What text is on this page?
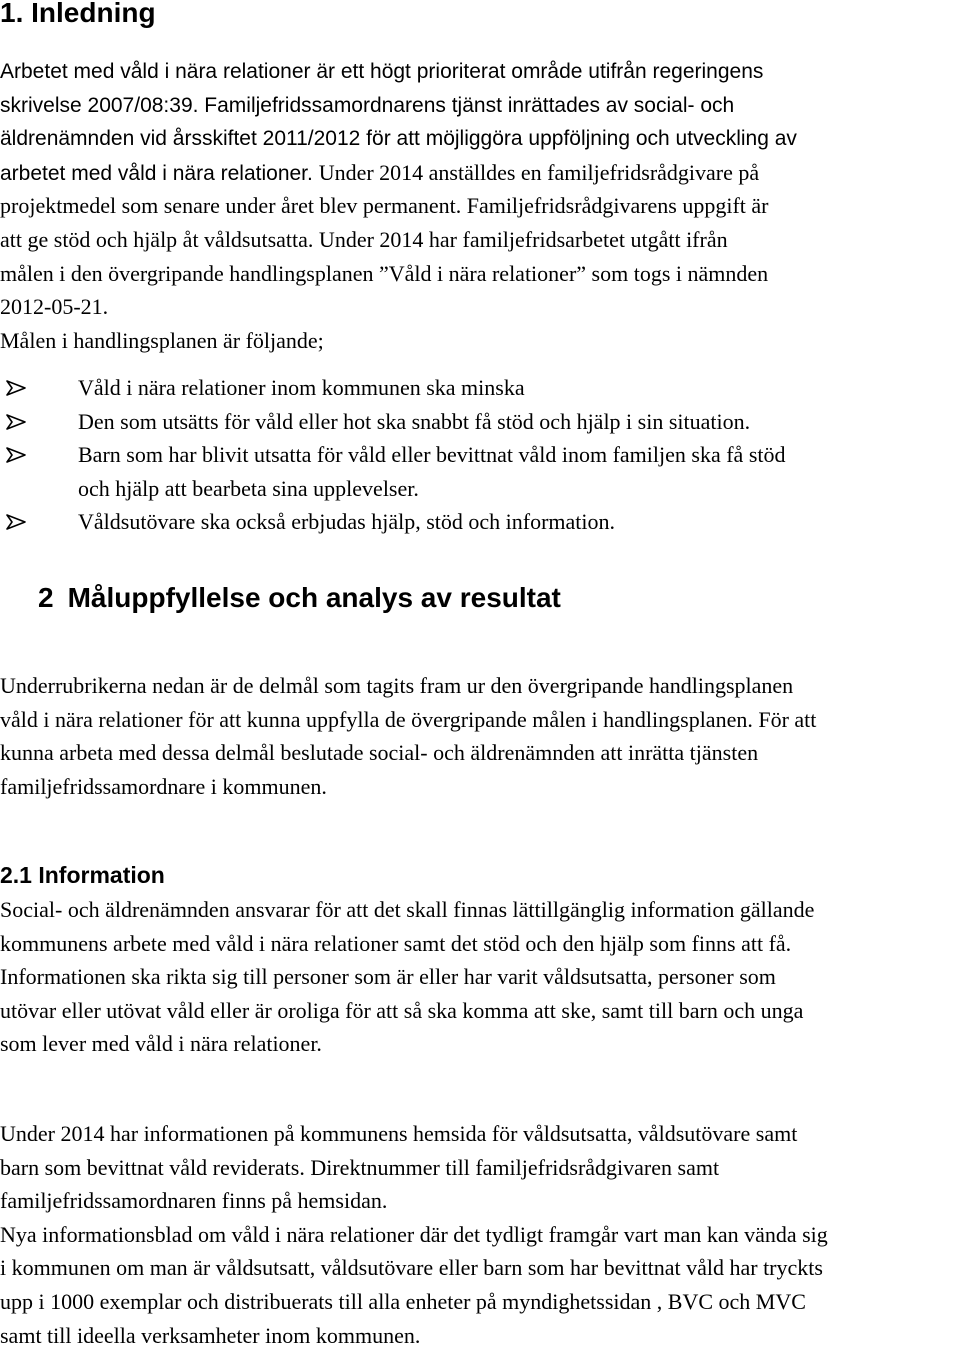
1. Inledning
Arbetet med våld i nära relationer är ett högt prioriterat område utifrån regeringens
skrivelse 2007/08:39. Familjefridssamordnarens tjänst inrättades av social- och
äldrenämnden vid årsskiftet 2011/2012 för att möjliggöra uppföljning och utveckling av
arbetet med våld i nära relationer. Under 2014 anställdes en familjefridsrådgivare på
projektmedel som senare under året blev permanent. Familjefridsrådgivarens uppgift är
att ge stöd och hjälp åt våldsutsatta. Under 2014 har familjefridsarbetet utgått ifrån
målen i den övergripande handlingsplanen ”Våld i nära relationer” som togs i nämnden
2012-05-21.
Målen i handlingsplanen är följande;
Våld i nära relationer inom kommunen ska minska
Den som utsätts för våld eller hot ska snabbt få stöd och hjälp i sin situation.
Barn som har blivit utsatta för våld eller bevittnat våld inom familjen ska få stöd
och hjälp att bearbeta sina upplevelser.
Våldsutövare ska också erbjudas hjälp, stöd och information.
2 Måluppfyllelse och analys av resultat
Underrubrikerna nedan är de delmål som tagits fram ur den övergripande handlingsplanen
våld i nära relationer för att kunna uppfylla de övergripande målen i handlingsplanen. För att
kunna arbeta med dessa delmål beslutade social- och äldrenämnden att inrätta tjänsten
familjefridssamordnare i kommunen.
2.1 Information
Social- och äldrenämnden ansvarar för att det skall finnas lättillgänglig information gällande
kommunens arbete med våld i nära relationer samt det stöd och den hjälp som finns att få.
Informationen ska rikta sig till personer som är eller har varit våldsutsatta, personer som
utövar eller utövat våld eller är oroliga för att så ska komma att ske, samt till barn och unga
som lever med våld i nära relationer.
Under 2014 har informationen på kommunens hemsida för våldsutsatta, våldsutövare samt
barn som bevittnat våld reviderats. Direktnummer till familjefridsrådgivaren samt
familjefridssamordnaren finns på hemsidan.
Nya informationsblad om våld i nära relationer där det tydligt framgår vart man kan vända sig
i kommunen om man är våldsutsatt, våldsutövare eller barn som har bevittnat våld har tryckts
upp i 1000 exemplar och distribuerats till alla enheter på myndighetssidan , BVC och MVC
samt till ideella verksamheter inom kommunen.
